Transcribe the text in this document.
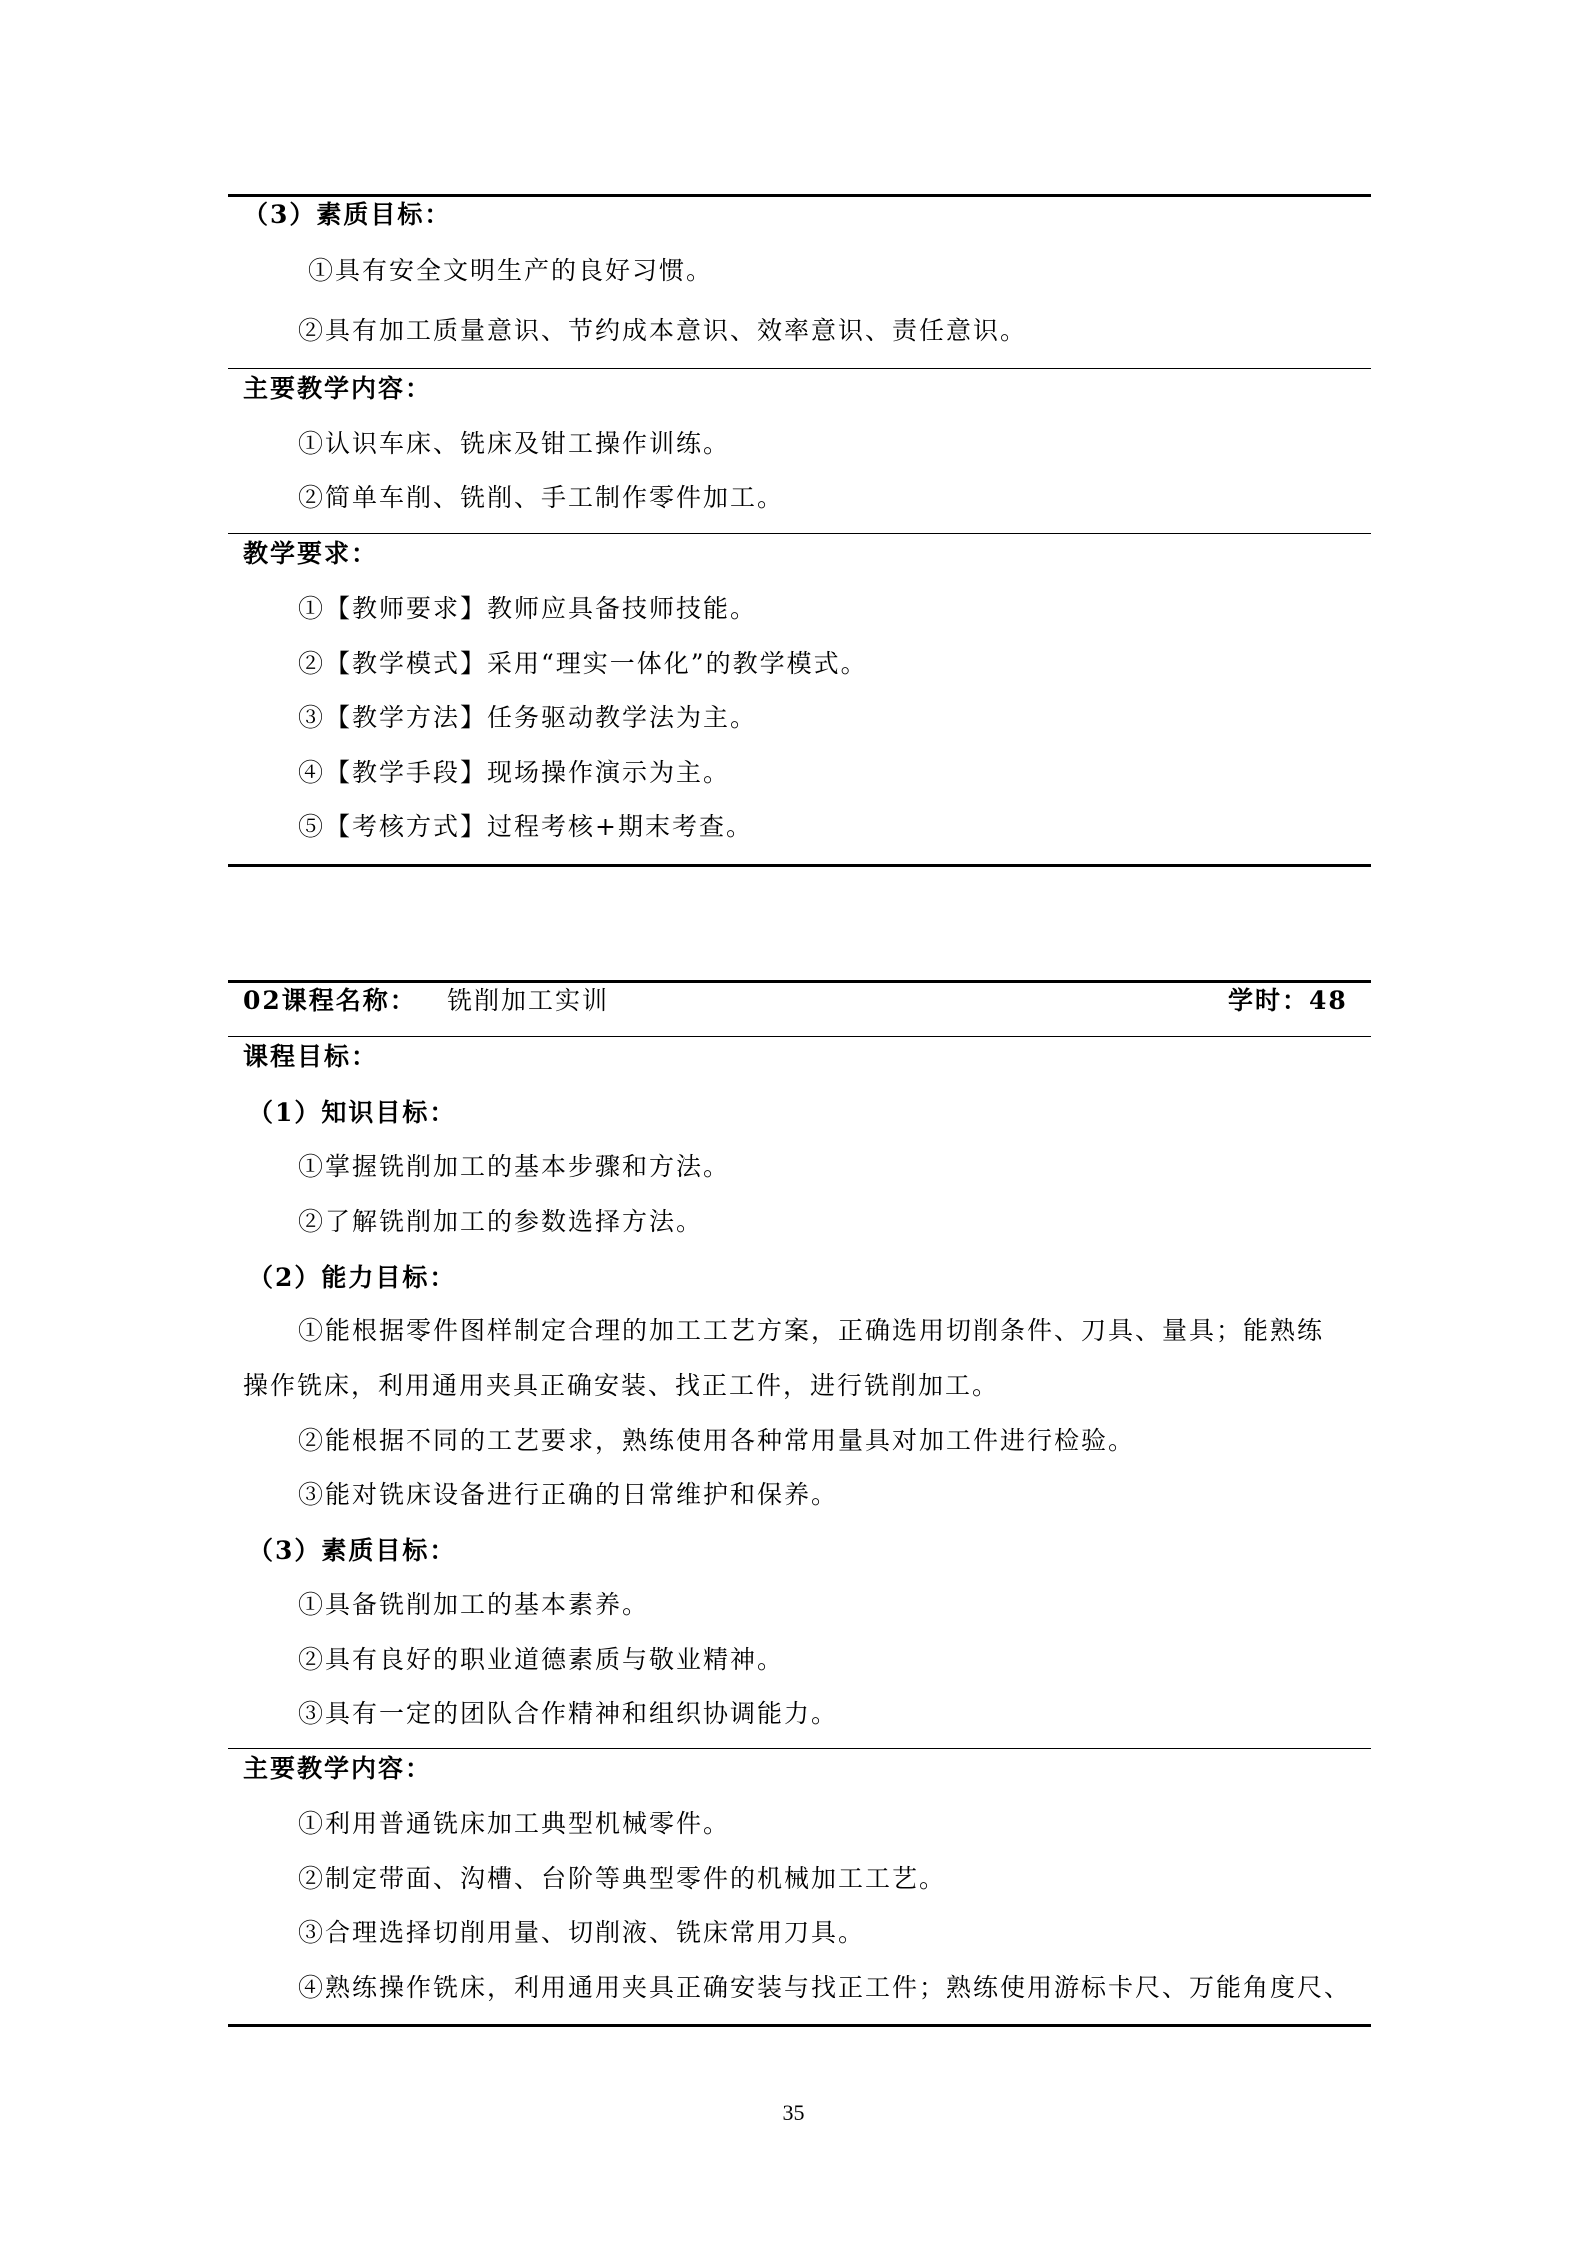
（3）素质目标：
①具有安全文明生产的良好习惯。
②具有加工质量意识、节约成本意识、效率意识、责任意识。
主要教学内容：
①认识车床、铣床及钳工操作训练。
②简单车削、铣削、手工制作零件加工。
教学要求：
①【教师要求】教师应具备技师技能。
②【教学模式】采用“理实一体化”的教学模式。
③【教学方法】任务驱动教学法为主。
④【教学手段】现场操作演示为主。
⑤【考核方式】过程考核+期末考查。
02课程名称： 铣削加工实训	学时：48
课程目标：
（1）知识目标：
①掌握铣削加工的基本步骤和方法。
②了解铣削加工的参数选择方法。
（2）能力目标：
①能根据零件图样制定合理的加工工艺方案，正确选用切削条件、刀具、量具；能熟练
操作铣床，利用通用夹具正确安装、找正工件，进行铣削加工。
②能根据不同的工艺要求，熟练使用各种常用量具对加工件进行检验。
③能对铣床设备进行正确的日常维护和保养。
（3）素质目标：
①具备铣削加工的基本素养。
②具有良好的职业道德素质与敬业精神。
③具有一定的团队合作精神和组织协调能力。
主要教学内容：
①利用普通铣床加工典型机械零件。
②制定带面、沟槽、台阶等典型零件的机械加工工艺。
③合理选择切削用量、切削液、铣床常用刀具。
④熟练操作铣床，利用通用夹具正确安装与找正工件；熟练使用游标卡尺、万能角度尺、
35
